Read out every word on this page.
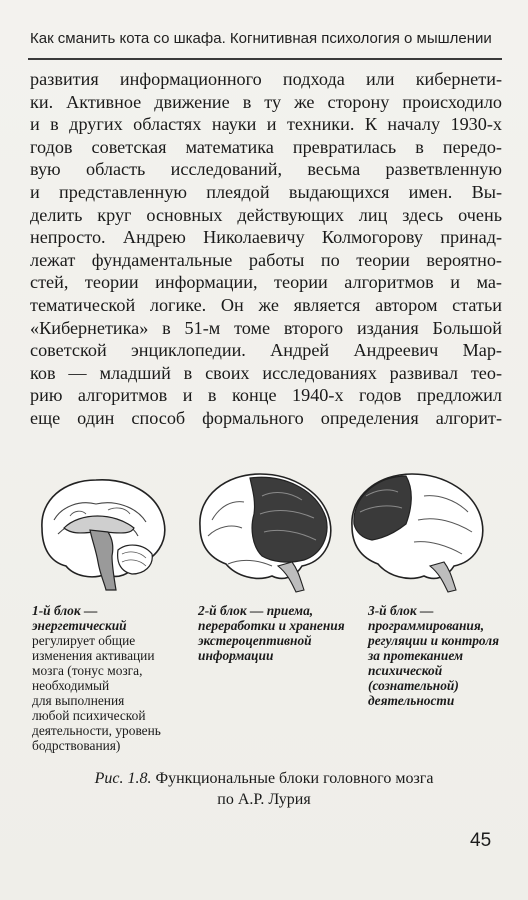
Как сманить кота со шкафа. Когнитивная психология о мышлении
развития информационного подхода или кибернети-
ки. Активное движение в ту же сторону происходило
и в других областях науки и техники. К началу 1930-х
годов советская математика превратилась в передо-
вую область исследований, весьма разветвленную
и представленную плеядой выдающихся имен. Вы-
делить круг основных действующих лиц здесь очень
непросто. Андрею Николаевичу Колмогорову принад-
лежат фундаментальные работы по теории вероятно-
стей, теории информации, теории алгоритмов и ма-
тематической логике. Он же является автором статьи
«Кибернетика» в 51-м томе второго издания Большой
советской энциклопедии. Андрей Андреевич Мар-
ков — младший в своих исследованиях развивал тео-
рию алгоритмов и в конце 1940-х годов предложил
еще один способ формального определения алгорит-
1-й блок —
энергетический
регулирует общие
изменения активации
мозга (тонус мозга,
необходимый
для выполнения
любой психической
деятельности, уровень
бодрствования)
2-й блок — приема,
переработки и хранения
экстероцептивной
информации
3-й блок —
программирования,
регуляции и контроля
за протеканием
психической
(сознательной)
деятельности
Рис. 1.8. Функциональные блоки головного мозга
по А.Р. Лурия
45
